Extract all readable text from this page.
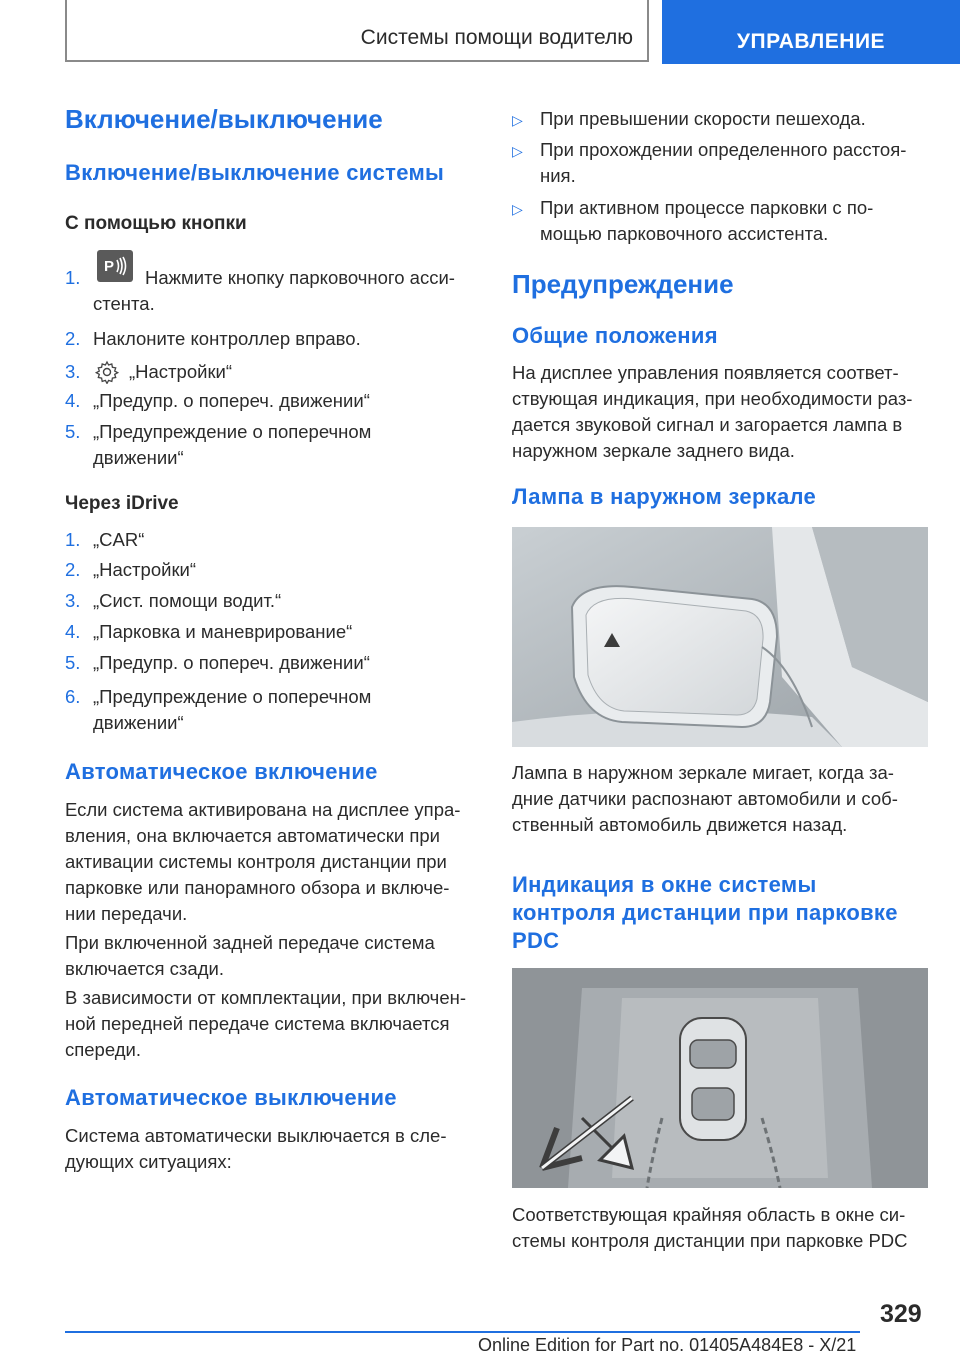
Системы помощи водителю	УПРАВЛЕНИЕ
Включение/выключение
Включение/выключение системы
С помощью кнопки
1.
P
Нажмите кнопку парковочного асси-
стента.
2. Наклоните контроллер вправо.
3.	„Настройки“
4. „Предупр. о попереч. движении“
5. „Предупреждение о поперечном
движении“
Через iDrive
1. „CAR“
2. „Настройки“
3. „Сист. помощи водит.“
4. „Парковка и маневрирование“
5. „Предупр. о попереч. движении“
6. „Предупреждение о поперечном
движении“
Автоматическое включение
Если система активирована на дисплее упра-
вления, она включается автоматически при
активации системы контроля дистанции при
парковке или панорамного обзора и включе-
нии передачи.
При включенной задней передаче система
включается сзади.
В зависимости от комплектации, при включен-
ной передней передаче система включается
спереди.
Автоматическое выключение
Система автоматически выключается в сле-
дующих ситуациях:
▷ При превышении скорости пешехода.
▷ При прохождении определенного расстоя-
ния.
▷ При активном процессе парковки с по-
мощью парковочного ассистента.
Предупреждение
Общие положения
На дисплее управления появляется соответ-
ствующая индикация, при необходимости раз-
дается звуковой сигнал и загорается лампа в
наружном зеркале заднего вида.
Лампа в наружном зеркале
Лампа в наружном зеркале мигает, когда за-
дние датчики распознают автомобили и соб-
ственный автомобиль движется назад.
Индикация в окне системы
контроля дистанции при парковке
PDC
Соответствующая крайняя область в окне си-
стемы контроля дистанции при парковке PDC
329
Online Edition for Part no. 01405A484E8 - X/21
